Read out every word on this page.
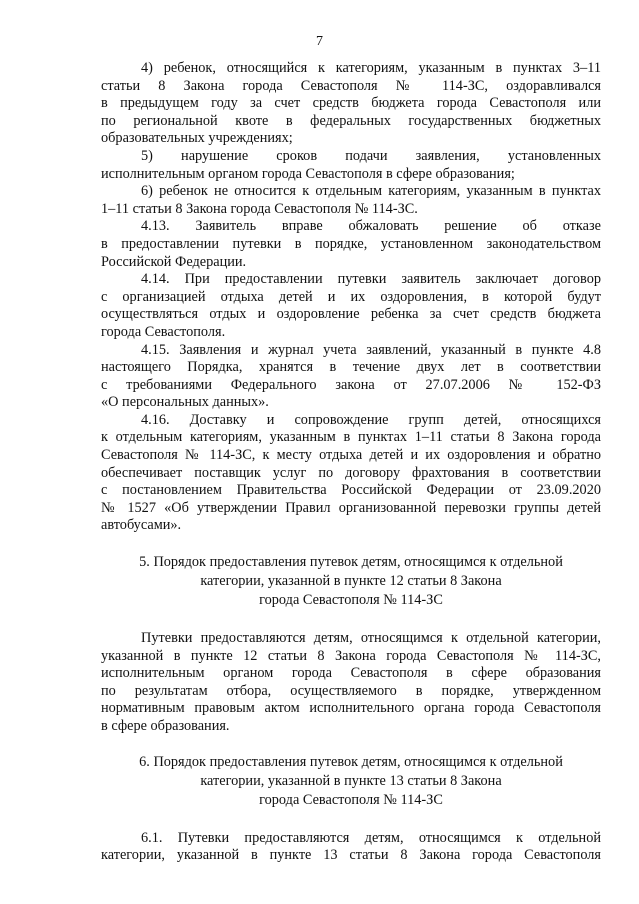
7

4) ребенок, относящийся к категориям, указанным в пунктах 3–11
статьи 8 Закона города Севастополя № 114-ЗС, оздоравливался
в предыдущем году за счет средств бюджета города Севастополя или
по региональной квоте в федеральных государственных бюджетных
образовательных учреждениях;

5) нарушение сроков подачи заявления, установленных
исполнительным органом города Севастополя в сфере образования;

6) ребенок не относится к отдельным категориям, указанным в пунктах
1–11 статьи 8 Закона города Севастополя № 114-ЗС.

4.13. Заявитель вправе обжаловать решение об отказе
в предоставлении путевки в порядке, установленном законодательством
Российской Федерации.

4.14. При предоставлении путевки заявитель заключает договор
с организацией отдыха детей и их оздоровления, в которой будут
осуществляться отдых и оздоровление ребенка за счет средств бюджета
города Севастополя.

4.15. Заявления и журнал учета заявлений, указанный в пункте 4.8
настоящего Порядка, хранятся в течение двух лет в соответствии
с требованиями Федерального закона от 27.07.2006 № 152-ФЗ
«О персональных данных».

4.16. Доставку и сопровождение групп детей, относящихся
к отдельным категориям, указанным в пунктах 1–11 статьи 8 Закона города
Севастополя № 114-ЗС, к месту отдыха детей и их оздоровления и обратно
обеспечивает поставщик услуг по договору фрахтования в соответствии
с постановлением Правительства Российской Федерации от 23.09.2020
№ 1527 «Об утверждении Правил организованной перевозки группы детей
автобусами».

5. Порядок предоставления путевок детям, относящимся к отдельной
категории, указанной в пункте 12 статьи 8 Закона
города Севастополя № 114-ЗС

Путевки предоставляются детям, относящимся к отдельной категории,
указанной в пункте 12 статьи 8 Закона города Севастополя № 114-ЗС,
исполнительным органом города Севастополя в сфере образования
по результатам отбора, осуществляемого в порядке, утвержденном
нормативным правовым актом исполнительного органа города Севастополя
в сфере образования.

6. Порядок предоставления путевок детям, относящимся к отдельной
категории, указанной в пункте 13 статьи 8 Закона
города Севастополя № 114-ЗС

6.1. Путевки предоставляются детям, относящимся к отдельной
категории, указанной в пункте 13 статьи 8 Закона города Севастополя
